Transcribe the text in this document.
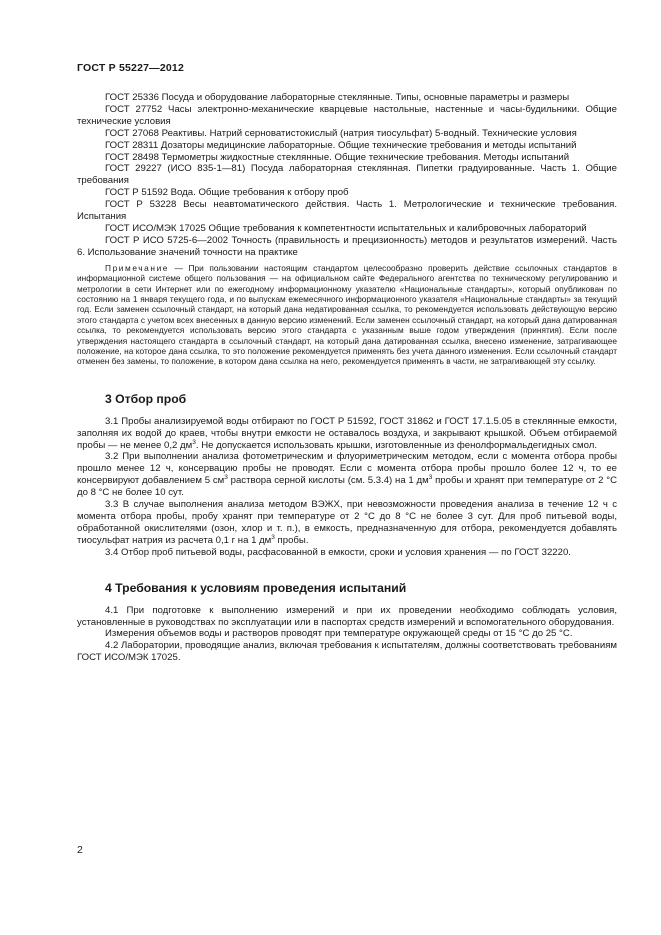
ГОСТ Р 55227—2012

ГОСТ 25336 Посуда и оборудование лабораторные стеклянные. Типы, основные параметры и размеры

ГОСТ 27752 Часы электронно-механические кварцевые настольные, настенные и часы-будильники. Общие технические условия

ГОСТ 27068 Реактивы. Натрий серноватистокислый (натрия тиосульфат) 5-водный. Технические условия

ГОСТ 28311 Дозаторы медицинские лабораторные. Общие технические требования и методы испытаний

ГОСТ 28498 Термометры жидкостные стеклянные. Общие технические требования. Методы испытаний

ГОСТ 29227 (ИСО 835-1—81) Посуда лабораторная стеклянная. Пипетки градуированные. Часть 1. Общие требования

ГОСТ Р 51592 Вода. Общие требования к отбору проб

ГОСТ Р 53228 Весы неавтоматического действия. Часть 1. Метрологические и технические требования. Испытания

ГОСТ ИСО/МЭК 17025 Общие требования к компетентности испытательных и калибровочных лабораторий

ГОСТ Р ИСО 5725-6—2002 Точность (правильность и прецизионность) методов и результатов измерений. Часть 6. Использование значений точности на практике

Примечание — При пользовании настоящим стандартом целесообразно проверить действие ссылочных стандартов в информационной системе общего пользования — на официальном сайте Федерального агентства по техническому регулированию и метрологии в сети Интернет или по ежегодному информационному указателю «Национальные стандарты», который опубликован по состоянию на 1 января текущего года, и по выпускам ежемесячного информационного указателя «Национальные стандарты» за текущий год. Если заменен ссылочный стандарт, на который дана недатированная ссылка, то рекомендуется использовать действующую версию этого стандарта с учетом всех внесенных в данную версию изменений. Если заменен ссылочный стандарт, на который дана датированная ссылка, то рекомендуется использовать версию этого стандарта с указанным выше годом утверждения (принятия). Если после утверждения настоящего стандарта в ссылочный стандарт, на который дана датированная ссылка, внесено изменение, затрагивающее положение, на которое дана ссылка, то это положение рекомендуется применять без учета данного изменения. Если ссылочный стандарт отменен без замены, то положение, в котором дана ссылка на него, рекомендуется применять в части, не затрагивающей эту ссылку.

3 Отбор проб

3.1 Пробы анализируемой воды отбирают по ГОСТ Р 51592, ГОСТ 31862 и ГОСТ 17.1.5.05 в стеклянные емкости, заполняя их водой до краев, чтобы внутри емкости не оставалось воздуха, и закрывают крышкой. Объем отбираемой пробы — не менее 0,2 $дм^3$. Не допускается использовать крышки, изготовленные из фенолформальдегидных смол.

3.2 При выполнении анализа фотометрическим и флуориметрическим методом, если с момента отбора пробы прошло менее 12 ч, консервацию пробы не проводят. Если с момента отбора пробы прошло более 12 ч, то ее консервируют добавлением 5 $см^3$ раствора серной кислоты (см. 5.3.4) на 1 $дм^3$ пробы и хранят при температуре от 2 °С до 8 °С не более 10 сут.

3.3 В случае выполнения анализа методом ВЭЖХ, при невозможности проведения анализа в течение 12 ч с момента отбора пробы, пробу хранят при температуре от 2 °С до 8 °С не более 3 сут. Для проб питьевой воды, обработанной окислителями (озон, хлор и т. п.), в емкость, предназначенную для отбора, рекомендуется добавлять тиосульфат натрия из расчета 0,1 г на 1 $дм^3$ пробы.

3.4 Отбор проб питьевой воды, расфасованной в емкости, сроки и условия хранения — по ГОСТ 32220.

4 Требования к условиям проведения испытаний

4.1 При подготовке к выполнению измерений и при их проведении необходимо соблюдать условия, установленные в руководствах по эксплуатации или в паспортах средств измерений и вспомогательного оборудования.

Измерения объемов воды и растворов проводят при температуре окружающей среды от 15 °С до 25 °С.

4.2 Лаборатории, проводящие анализ, включая требования к испытателям, должны соответствовать требованиям ГОСТ ИСО/МЭК 17025.

2
